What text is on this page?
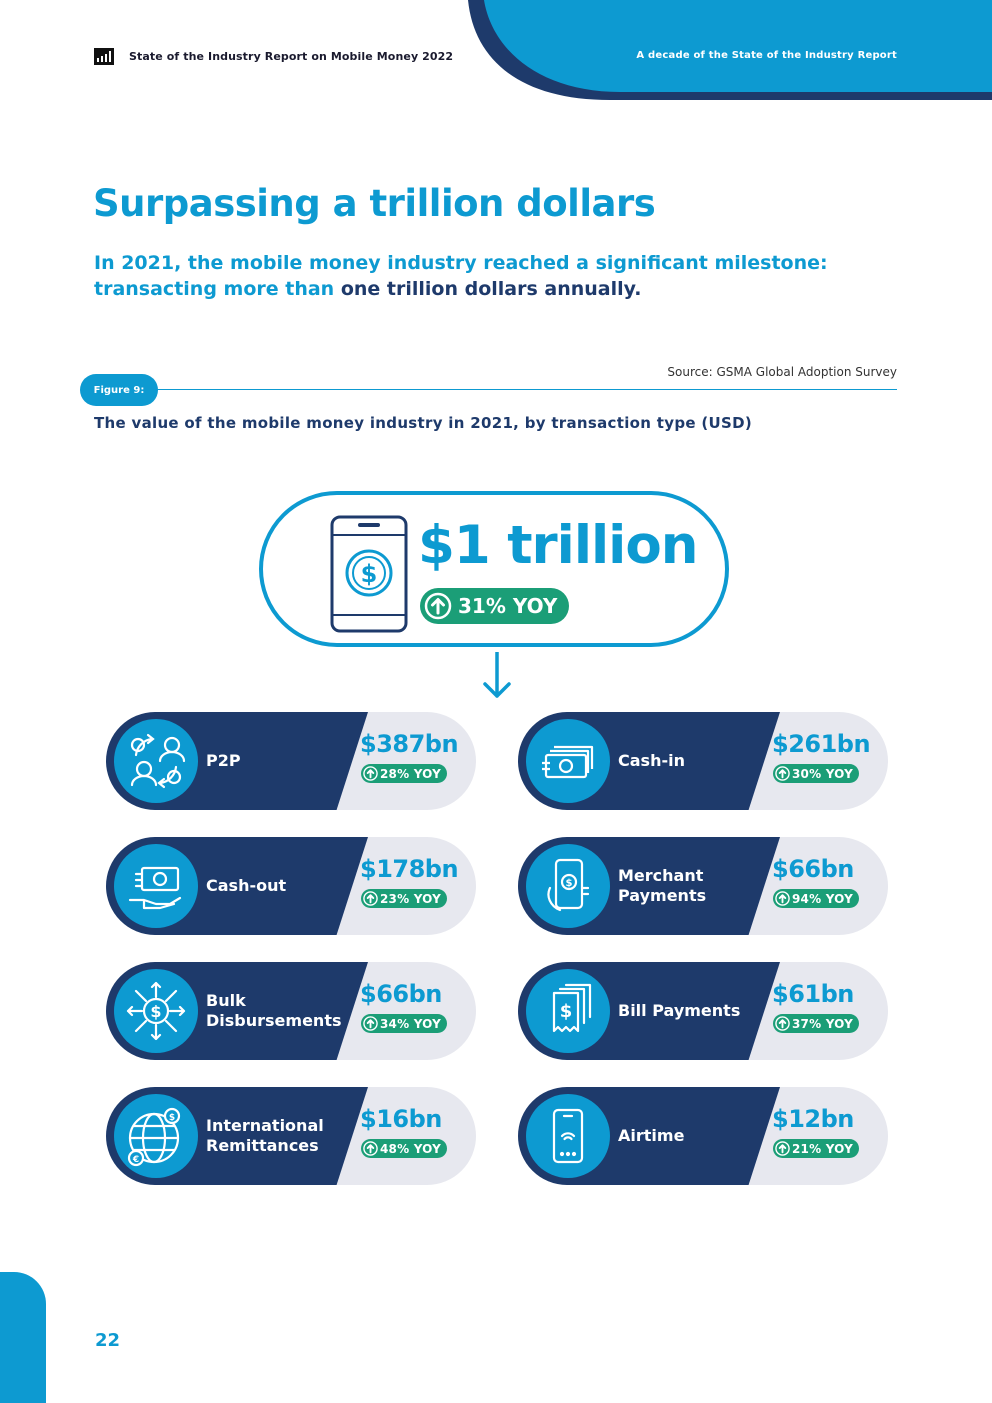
State of the Industry Report on Mobile Money 2022	A decade of the State of the Industry Report
Surpassing a trillion dollars

In 2021, the mobile money industry reached a significant milestone: transacting more than one trillion dollars annually.

Source: GSMA Global Adoption Survey
Figure 9:
The value of the mobile money industry in 2021, by transaction type (USD)
$ $1 trillion
31% YOY
P2P
$387bn
28% YOY
Cash-in
$261bn
30% YOY
Cash-out
$178bn
23% YOY
$	Merchant Payments
$66bn
94% YOY
$
Bulk Disbursements
$66bn
34% YOY
$	Bill Payments
$61bn
37% YOY
$
€
International Remittances
$16bn
48% YOY
Airtime
$12bn
21% YOY
22
